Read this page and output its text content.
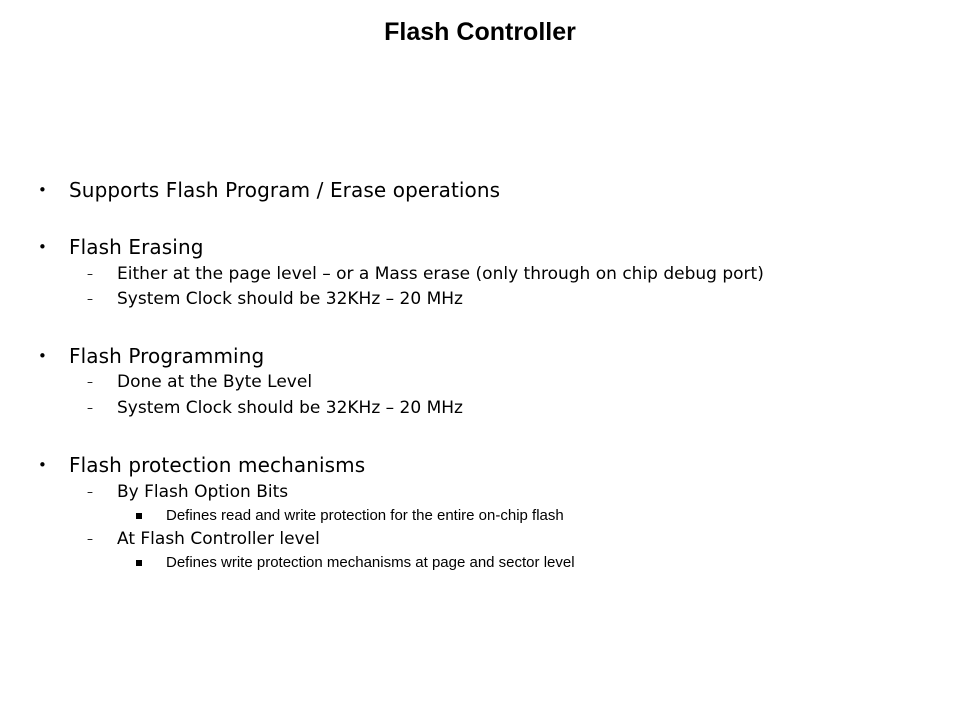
Flash Controller
• Supports Flash Program / Erase operations
• Flash Erasing
– Either at the page level – or a Mass erase (only through on chip debug port)
– System Clock should be 32KHz – 20 MHz
• Flash Programming
– Done at the Byte Level
– System Clock should be 32KHz – 20 MHz
• Flash protection mechanisms
– By Flash Option Bits
Defines read and write protection for the entire on-chip flash
– At Flash Controller level
Defines write protection mechanisms at page and sector level
